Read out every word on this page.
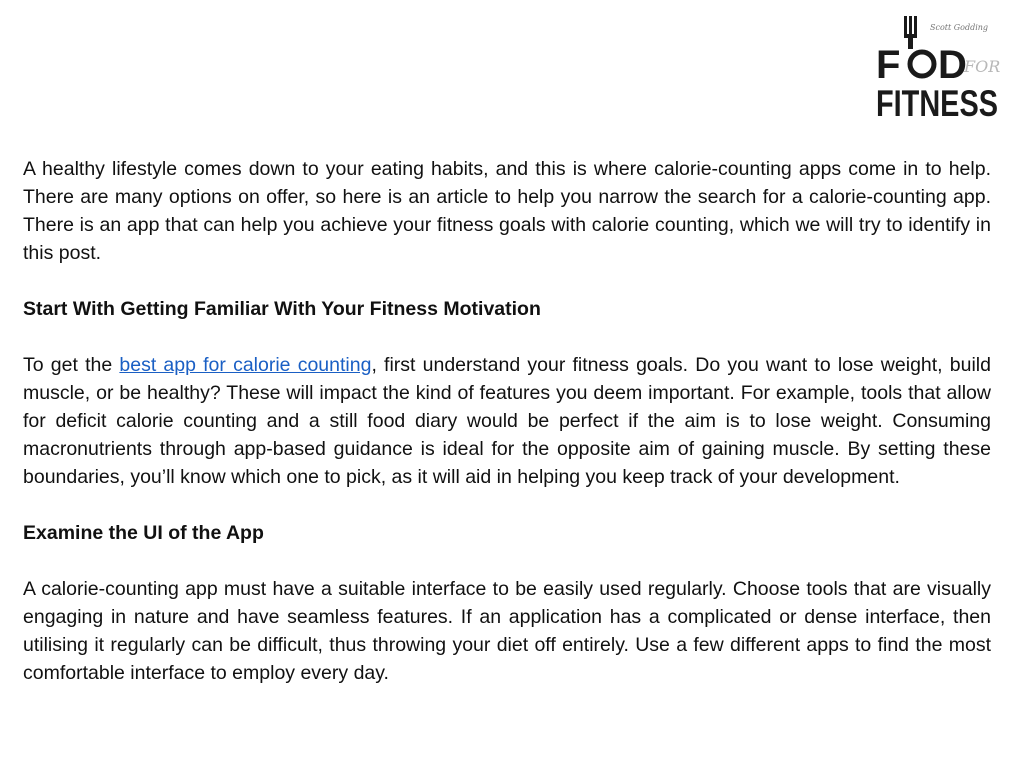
Scott Godding
F D
FOR
FITNESS

A healthy lifestyle comes down to your eating habits, and this is where calorie-counting apps come in to help. There are many options on offer, so here is an article to help you narrow the search for a calorie-counting app. There is an app that can help you achieve your fitness goals with calorie counting, which we will try to identify in this post.

Start With Getting Familiar With Your Fitness Motivation

To get the best app for calorie counting, first understand your fitness goals. Do you want to lose weight, build muscle, or be healthy? These will impact the kind of features you deem important. For example, tools that allow for deficit calorie counting and a still food diary would be perfect if the aim is to lose weight. Consuming macronutrients through app-based guidance is ideal for the opposite aim of gaining muscle. By setting these boundaries, you’ll know which one to pick, as it will aid in helping you keep track of your development.

Examine the UI of the App

A calorie-counting app must have a suitable interface to be easily used regularly. Choose tools that are visually engaging in nature and have seamless features. If an application has a complicated or dense interface, then utilising it regularly can be difficult, thus throwing your diet off entirely. Use a few different apps to find the most comfortable interface to employ every day.
